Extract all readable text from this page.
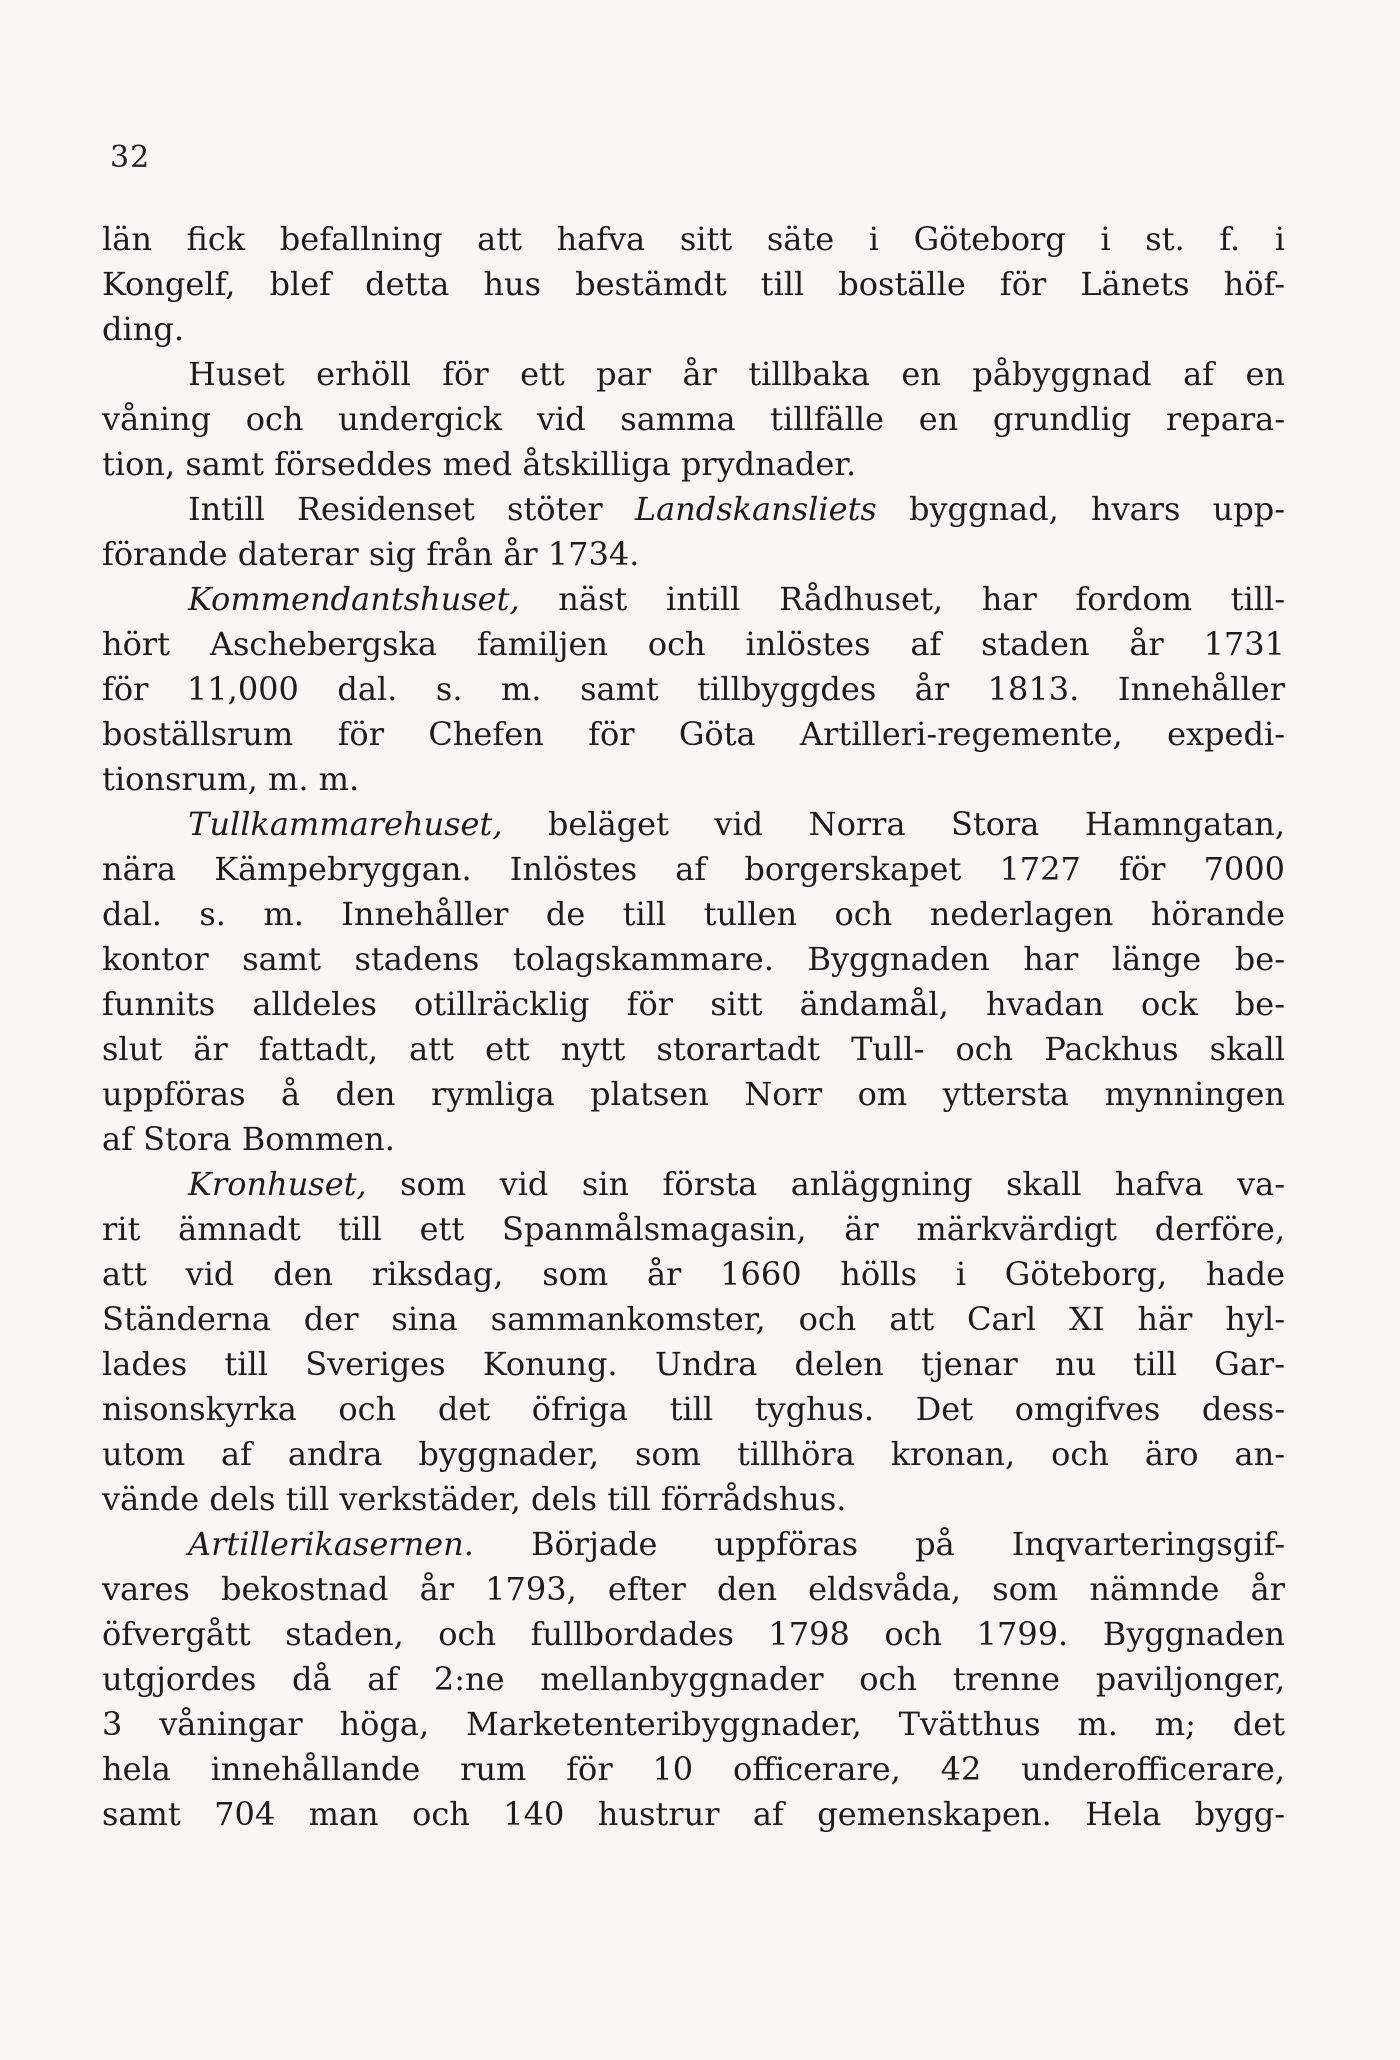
32

län fick befallning att hafva sitt säte i Göteborg i st. f. i

Kongelf, blef detta hus bestämdt till boställe för Länets höf-

ding.

Huset erhöll för ett par år tillbaka en påbyggnad af en

våning och undergick vid samma tillfälle en grundlig repara-

tion, samt förseddes med åtskilliga prydnader.

Intill Residenset stöter Landskansliets byggnad, hvars upp-

förande daterar sig från år 1734.

Kommendantshuset, näst intill Rådhuset, har fordom till-

hört Aschebergska familjen och inlöstes af staden år 1731

för 11,000 dal. s. m. samt tillbyggdes år 1813. Innehåller

boställsrum för Chefen för Göta Artilleri-regemente, expedi-

tionsrum, m. m.

Tullkammarehuset, beläget vid Norra Stora Hamngatan,

nära Kämpebryggan. Inlöstes af borgerskapet 1727 för 7000

dal. s. m. Innehåller de till tullen och nederlagen hörande

kontor samt stadens tolagskammare. Byggnaden har länge be-

funnits alldeles otillräcklig för sitt ändamål, hvadan ock be-

slut är fattadt, att ett nytt storartadt Tull- och Packhus skall

uppföras å den rymliga platsen Norr om yttersta mynningen

af Stora Bommen.

Kronhuset, som vid sin första anläggning skall hafva va-

rit ämnadt till ett Spanmålsmagasin, är märkvärdigt derföre,

att vid den riksdag, som år 1660 hölls i Göteborg, hade

Ständerna der sina sammankomster, och att Carl XI här hyl-

lades till Sveriges Konung. Undra delen tjenar nu till Gar-

nisonskyrka och det öfriga till tyghus. Det omgifves dess-

utom af andra byggnader, som tillhöra kronan, och äro an-

vände dels till verkstäder, dels till förrådshus.

Artillerikasernen. Började uppföras på Inqvarteringsgif-

vares bekostnad år 1793, efter den eldsvåda, som nämnde år

öfvergått staden, och fullbordades 1798 och 1799. Byggnaden

utgjordes då af 2:ne mellanbyggnader och trenne paviljonger,

3 våningar höga, Marketenteribyggnader, Tvätthus m. m; det

hela innehållande rum för 10 officerare, 42 underofficerare,

samt 704 man och 140 hustrur af gemenskapen. Hela bygg-
